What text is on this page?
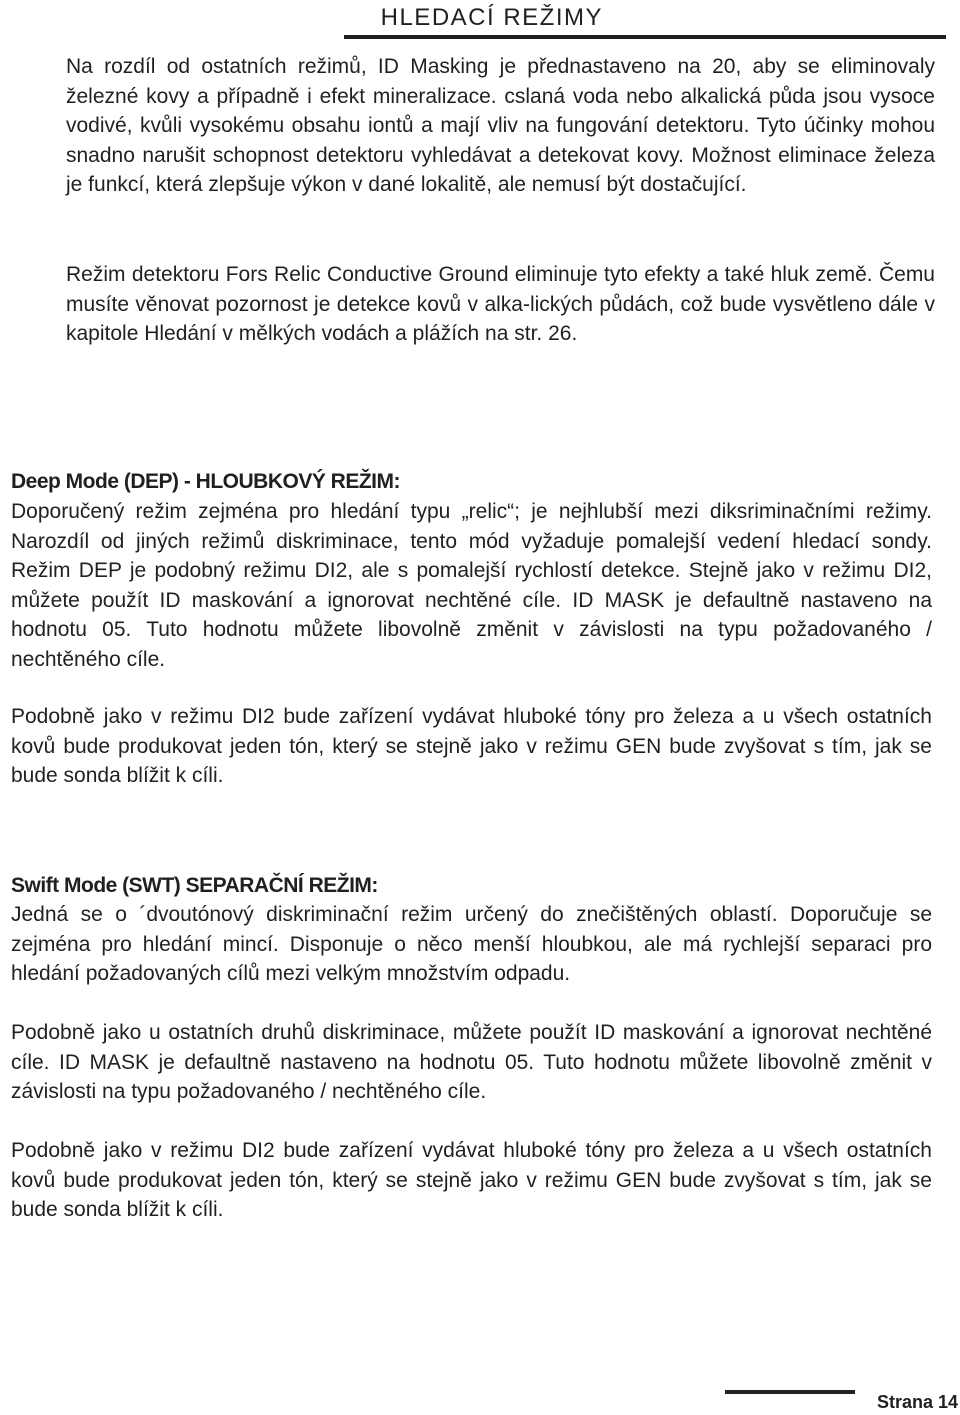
HLEDACÍ REŽIMY

Na rozdíl od ostatních režimů, ID Masking je přednastaveno na 20, aby se eliminovaly železné kovy a případně i efekt mineralizace. cslaná voda nebo alkalická půda jsou vysoce vodivé, kvůli vysokému obsahu iontů a mají vliv na fungování detektoru. Tyto účinky mohou snadno narušit schopnost detektoru vyhledávat a detekovat kovy. Možnost eliminace železa je funkcí, která zlepšuje výkon v dané lokalitě, ale nemusí být dostačující.

Režim detektoru Fors Relic Conductive Ground eliminuje tyto efekty a také hluk země. Čemu musíte věnovat pozornost je detekce kovů v alka-lických půdách, což bude vysvětleno dále v kapitole Hledání v mělkých vodách a plážích na str. 26.

Deep Mode (DEP) - HLOUBKOVÝ REŽIM:

Doporučený režim zejména pro hledání typu „relic“; je nejhlubší mezi diksriminačními režimy. Narozdíl od jiných režimů diskriminace, tento mód vyžaduje pomalejší vedení hledací sondy. Režim DEP je podobný režimu DI2, ale s pomalejší rychlostí detekce. Stejně jako v režimu DI2, můžete použít ID maskování a ignorovat nechtěné cíle. ID MASK je defaultně nastaveno na hodnotu 05. Tuto hodnotu můžete libovolně změnit v závislosti na typu požadovaného / nechtěného cíle.

Podobně jako v režimu DI2 bude zařízení vydávat hluboké tóny pro železa a u všech ostatních kovů bude produkovat jeden tón, který se stejně jako v režimu GEN bude zvyšovat s tím, jak se bude sonda blížit k cíli.

Swift Mode (SWT) SEPARAČNÍ REŽIM:

Jedná se o ´dvoutónový diskriminační režim určený do znečištěných oblastí. Doporučuje se zejména pro hledání mincí. Disponuje o něco menší hloubkou, ale má rychlejší separaci pro hledání požadovaných cílů mezi velkým množstvím odpadu.

Podobně jako u ostatních druhů diskriminace, můžete použít ID maskování a ignorovat nechtěné cíle. ID MASK je defaultně nastaveno na hodnotu 05. Tuto hodnotu můžete libovolně změnit v závislosti na typu požadovaného / nechtěného cíle.

Podobně jako v režimu DI2 bude zařízení vydávat hluboké tóny pro železa a u všech ostatních kovů bude produkovat jeden tón, který se stejně jako v režimu GEN bude zvyšovat s tím, jak se bude sonda blížit k cíli.

Strana 14
